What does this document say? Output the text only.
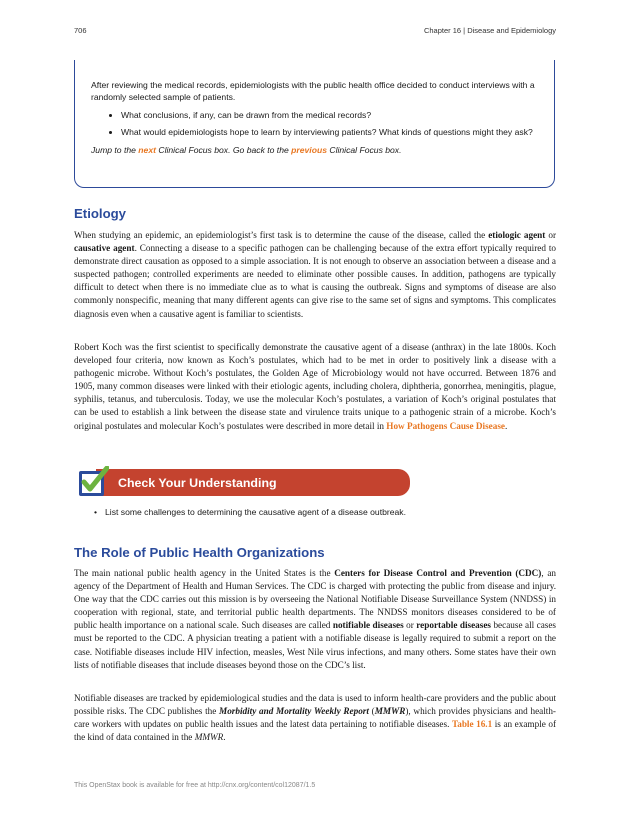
706	Chapter 16 | Disease and Epidemiology

After reviewing the medical records, epidemiologists with the public health office decided to conduct interviews with a randomly selected sample of patients.

• What conclusions, if any, can be drawn from the medical records?
• What would epidemiologists hope to learn by interviewing patients? What kinds of questions might they ask?

Jump to the next Clinical Focus box. Go back to the previous Clinical Focus box.

Etiology

When studying an epidemic, an epidemiologist’s first task is to determine the cause of the disease, called the etiologic agent or causative agent. Connecting a disease to a specific pathogen can be challenging because of the extra effort typically required to demonstrate direct causation as opposed to a simple association. It is not enough to observe an association between a disease and a suspected pathogen; controlled experiments are needed to eliminate other possible causes. In addition, pathogens are typically difficult to detect when there is no immediate clue as to what is causing the outbreak. Signs and symptoms of disease are also commonly nonspecific, meaning that many different agents can give rise to the same set of signs and symptoms. This complicates diagnosis even when a causative agent is familiar to scientists.

Robert Koch was the first scientist to specifically demonstrate the causative agent of a disease (anthrax) in the late 1800s. Koch developed four criteria, now known as Koch’s postulates, which had to be met in order to positively link a disease with a pathogenic microbe. Without Koch’s postulates, the Golden Age of Microbiology would not have occurred. Between 1876 and 1905, many common diseases were linked with their etiologic agents, including cholera, diphtheria, gonorrhea, meningitis, plague, syphilis, tetanus, and tuberculosis. Today, we use the molecular Koch’s postulates, a variation of Koch’s original postulates that can be used to establish a link between the disease state and virulence traits unique to a pathogenic strain of a microbe. Koch’s original postulates and molecular Koch’s postulates were described in more detail in How Pathogens Cause Disease.

Check Your Understanding
• List some challenges to determining the causative agent of a disease outbreak.
The Role of Public Health Organizations

The main national public health agency in the United States is the Centers for Disease Control and Prevention (CDC), an agency of the Department of Health and Human Services. The CDC is charged with protecting the public from disease and injury. One way that the CDC carries out this mission is by overseeing the National Notifiable Disease Surveillance System (NNDSS) in cooperation with regional, state, and territorial public health departments. The NNDSS monitors diseases considered to be of public health importance on a national scale. Such diseases are called notifiable diseases or reportable diseases because all cases must be reported to the CDC. A physician treating a patient with a notifiable disease is legally required to submit a report on the case. Notifiable diseases include HIV infection, measles, West Nile virus infections, and many others. Some states have their own lists of notifiable diseases that include diseases beyond those on the CDC’s list.

Notifiable diseases are tracked by epidemiological studies and the data is used to inform health-care providers and the public about possible risks. The CDC publishes the Morbidity and Mortality Weekly Report (MMWR), which provides physicians and health-care workers with updates on public health issues and the latest data pertaining to notifiable diseases. Table 16.1 is an example of the kind of data contained in the MMWR.

This OpenStax book is available for free at http://cnx.org/content/col12087/1.5
